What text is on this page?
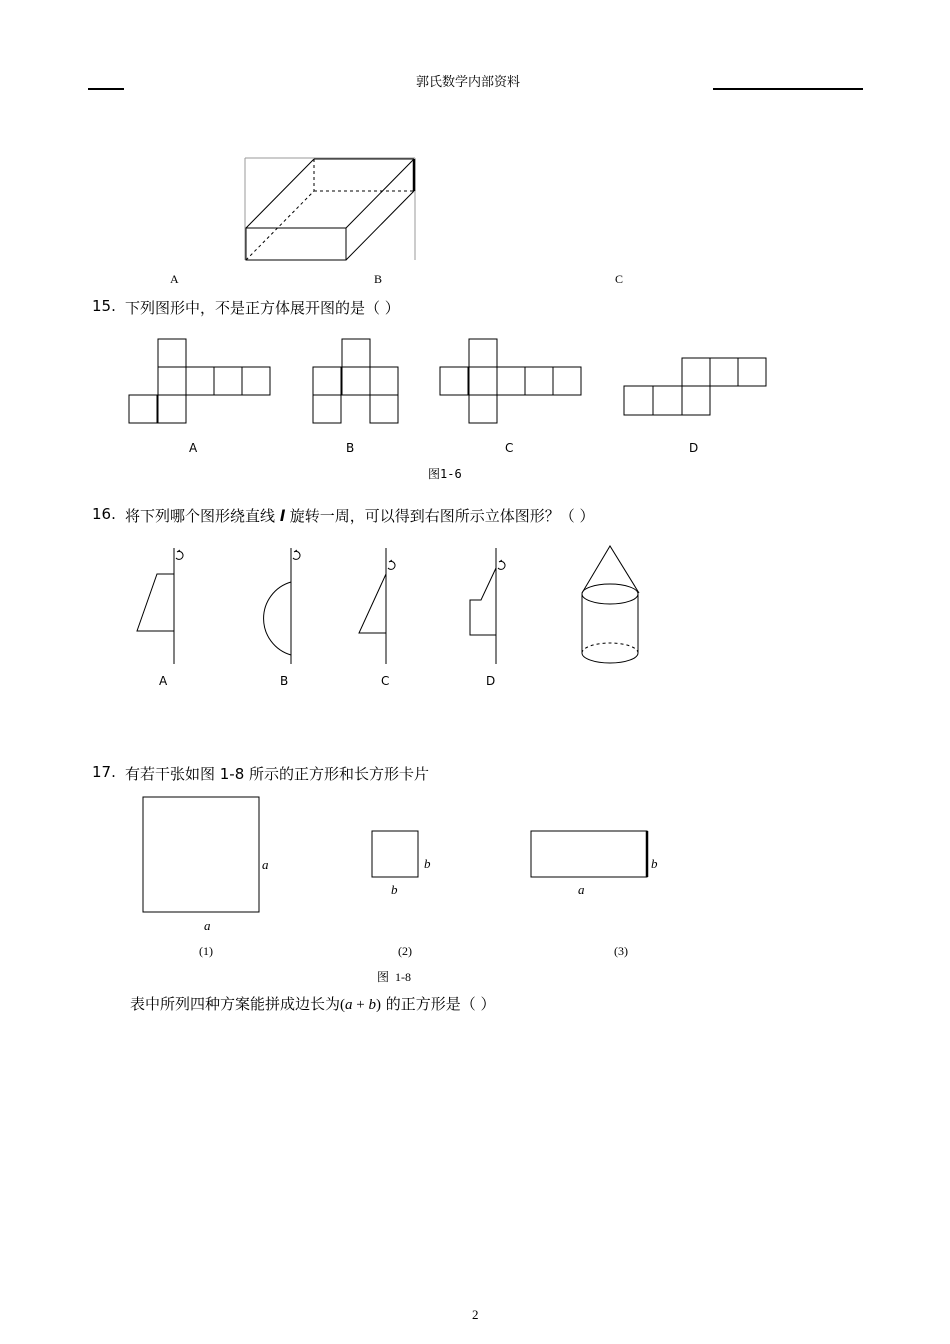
郭氏数学内部资料
A	B	C
15. 下列图形中，不是正方体展开图的是（ ）
A	B	C	D
图1-6
16. 将下列哪个图形绕直线 l 旋转一周，可以得到右图所示立体图形？（ ）
A	B	C	D
17. 有若干张如图 1-8 所示的正方形和长方形卡片
a
a
b
b
b
a
(1)	(2)	(3)
图  1-8
表中所列四种方案能拼成边长为(a + b) 的正方形是（ ）
2
